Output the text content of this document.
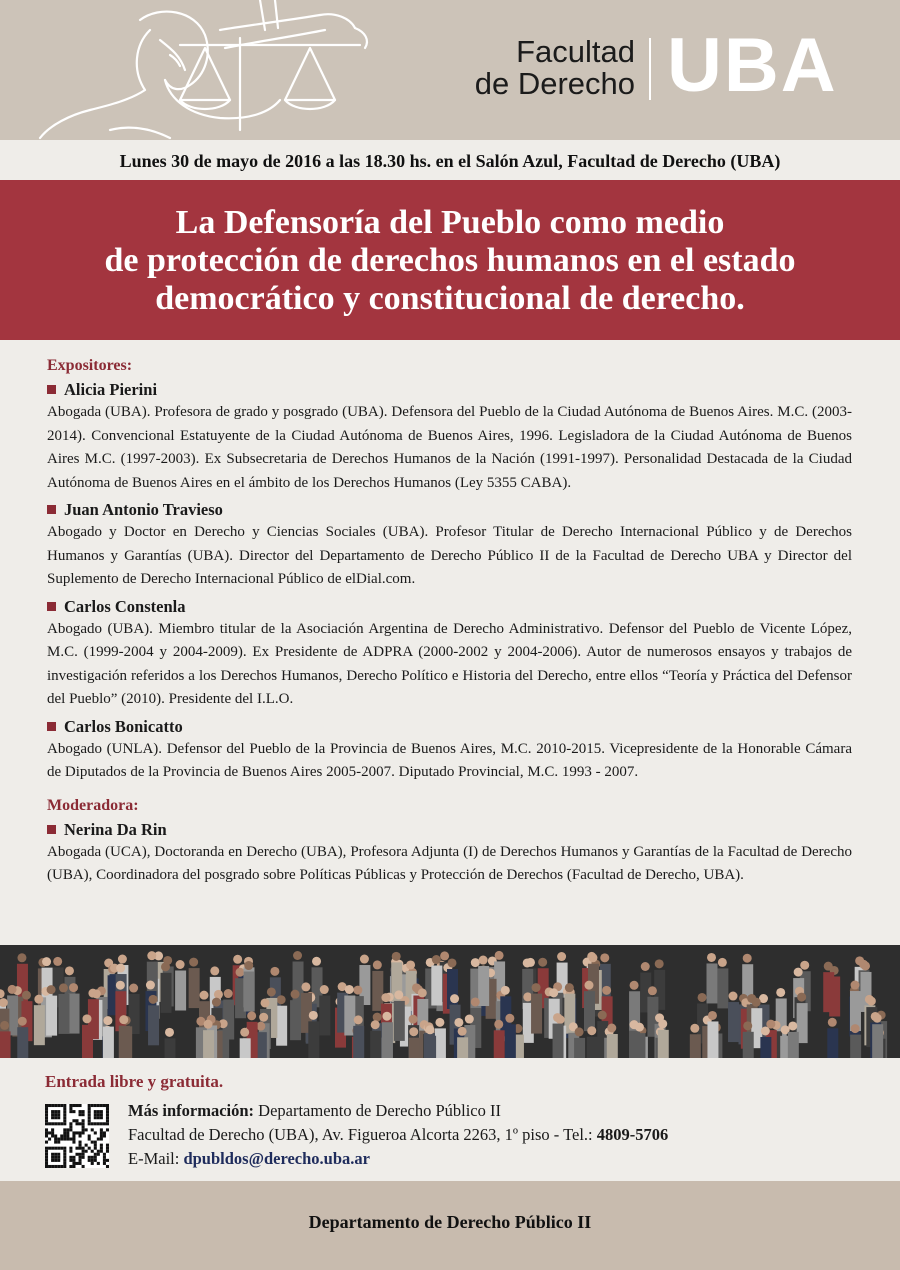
Facultad
de Derecho UBA
Lunes 30 de mayo de 2016 a las 18.30 hs. en el Salón Azul, Facultad de Derecho (UBA)
La Defensoría del Pueblo como medio
de protección de derechos humanos en el estado
democrático y constitucional de derecho.

Expositores:

Alicia Pierini

Abogada (UBA). Profesora de grado y posgrado (UBA). Defensora del Pueblo de la Ciudad Autónoma de Buenos Aires. M.C. (2003-2014). Convencional Estatuyente de la Ciudad Autónoma de Buenos Aires, 1996. Legisladora de la Ciudad Autónoma de Buenos Aires M.C. (1997-2003). Ex Subsecretaria de Derechos Humanos de la Nación (1991-1997). Personalidad Destacada de la Ciudad Autónoma de Buenos Aires en el ámbito de los Derechos Humanos (Ley 5355 CABA).

Juan Antonio Travieso

Abogado y Doctor en Derecho y Ciencias Sociales (UBA). Profesor Titular de Derecho Internacional Público y de Derechos Humanos y Garantías (UBA). Director del Departamento de Derecho Público II de la Facultad de Derecho UBA y Director del Suplemento de Derecho Internacional Público de elDial.com.

Carlos Constenla

Abogado (UBA). Miembro titular de la Asociación Argentina de Derecho Administrativo. Defensor del Pueblo de Vicente López, M.C. (1999-2004 y 2004-2009). Ex Presidente de ADPRA (2000-2002 y 2004-2006). Autor de numerosos ensayos y trabajos de investigación referidos a los Derechos Humanos, Derecho Político e Historia del Derecho, entre ellos “Teoría y Práctica del Defensor del Pueblo” (2010). Presidente del I.L.O.

Carlos Bonicatto

Abogado (UNLA). Defensor del Pueblo de la Provincia de Buenos Aires, M.C. 2010-2015. Vicepresidente de la Honorable Cámara de Diputados de la Provincia de Buenos Aires 2005-2007. Diputado Provincial, M.C. 1993 - 2007.

Moderadora:

Nerina Da Rin

Abogada (UCA), Doctoranda en Derecho (UBA), Profesora Adjunta (I) de Derechos Humanos y Garantías de la Facultad de Derecho (UBA), Coordinadora del posgrado sobre Políticas Públicas y Protección de Derechos (Facultad de Derecho, UBA).

Entrada libre y gratuita.
Más información: Departamento de Derecho Público II
Facultad de Derecho (UBA), Av. Figueroa Alcorta 2263, 1º piso - Tel.: 4809-5706
E-Mail: dpubldos@derecho.uba.ar
Departamento de Derecho Público II
